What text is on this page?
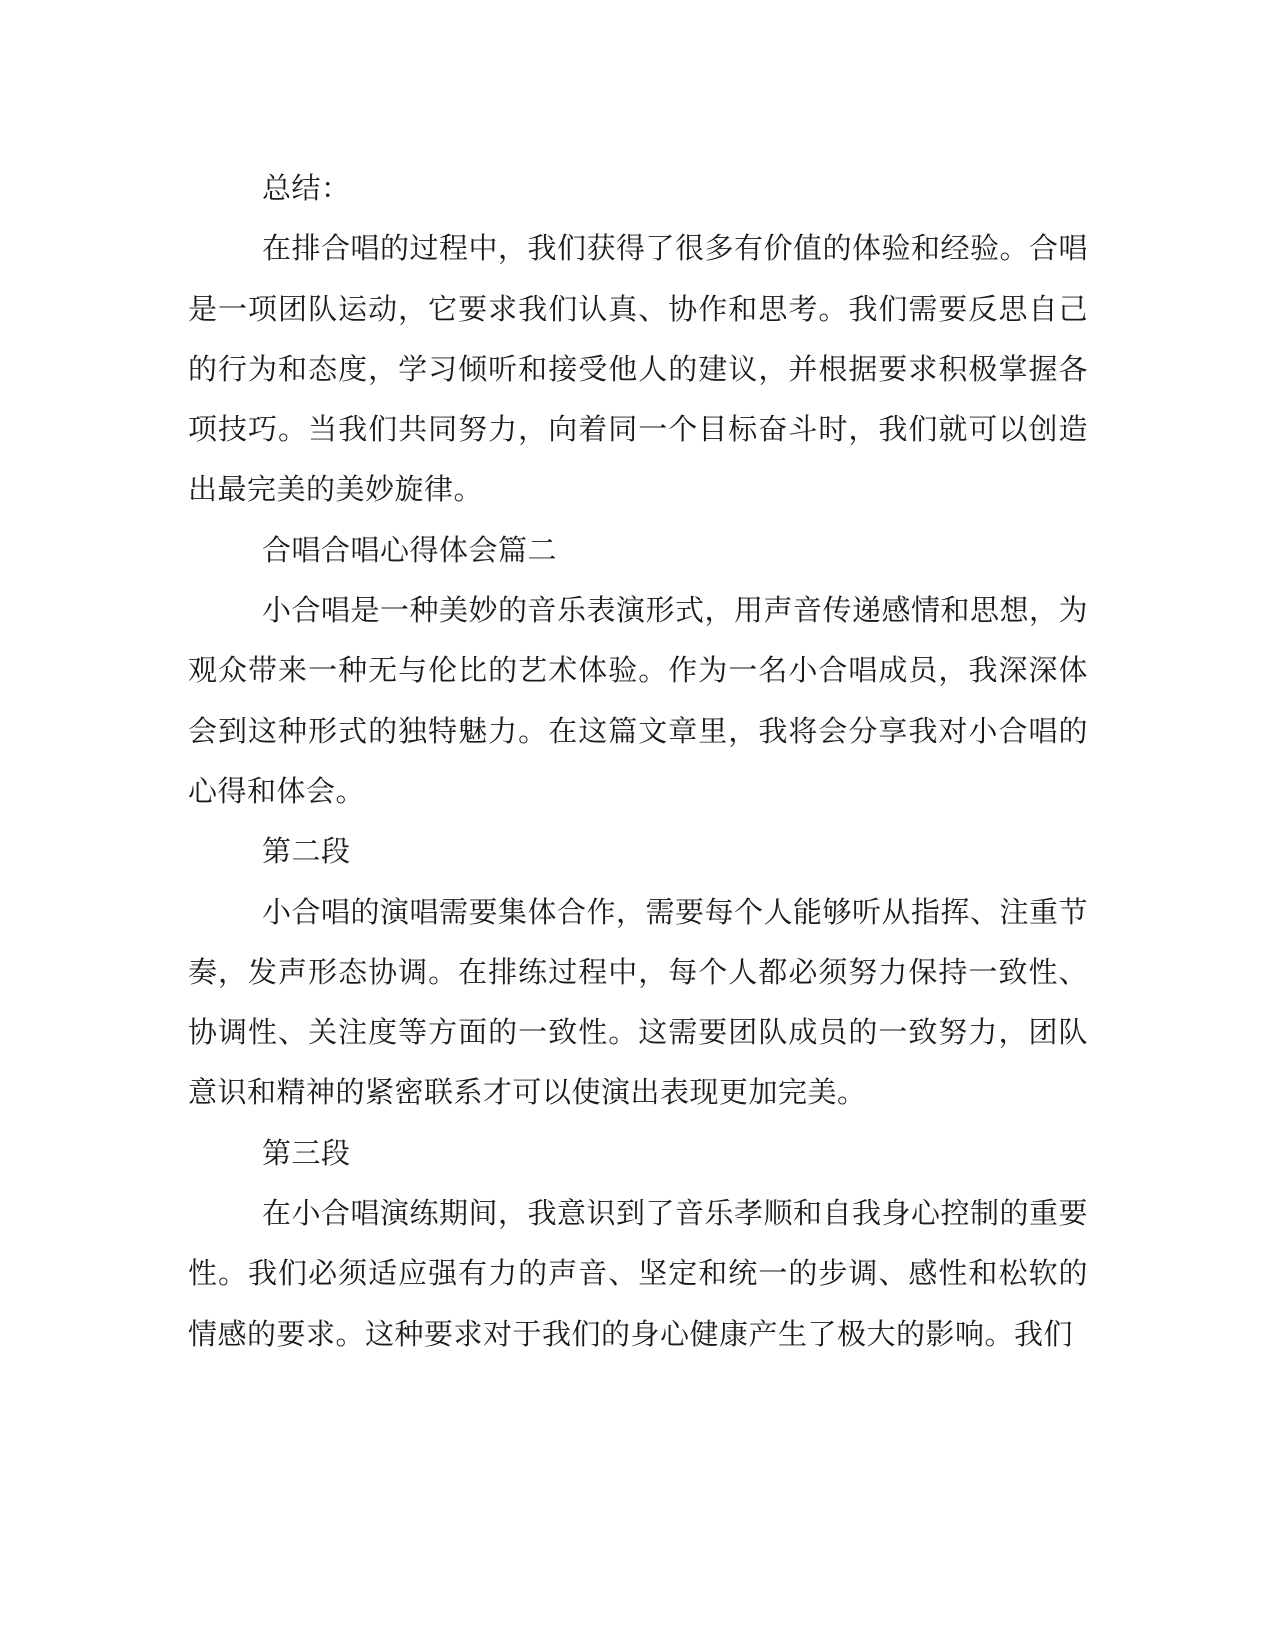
总结：

在排合唱的过程中，我们获得了很多有价值的体验和经验。合唱是一项团队运动，它要求我们认真、协作和思考。我们需要反思自己的行为和态度，学习倾听和接受他人的建议，并根据要求积极掌握各项技巧。当我们共同努力，向着同一个目标奋斗时，我们就可以创造出最完美的美妙旋律。

合唱合唱心得体会篇二

小合唱是一种美妙的音乐表演形式，用声音传递感情和思想，为观众带来一种无与伦比的艺术体验。作为一名小合唱成员，我深深体会到这种形式的独特魅力。在这篇文章里，我将会分享我对小合唱的心得和体会。

第二段

小合唱的演唱需要集体合作，需要每个人能够听从指挥、注重节奏，发声形态协调。在排练过程中，每个人都必须努力保持一致性、协调性、关注度等方面的一致性。这需要团队成员的一致努力，团队意识和精神的紧密联系才可以使演出表现更加完美。

第三段

在小合唱演练期间，我意识到了音乐孝顺和自我身心控制的重要性。我们必须适应强有力的声音、坚定和统一的步调、感性和松软的情感的要求。这种要求对于我们的身心健康产生了极大的影响。我们
